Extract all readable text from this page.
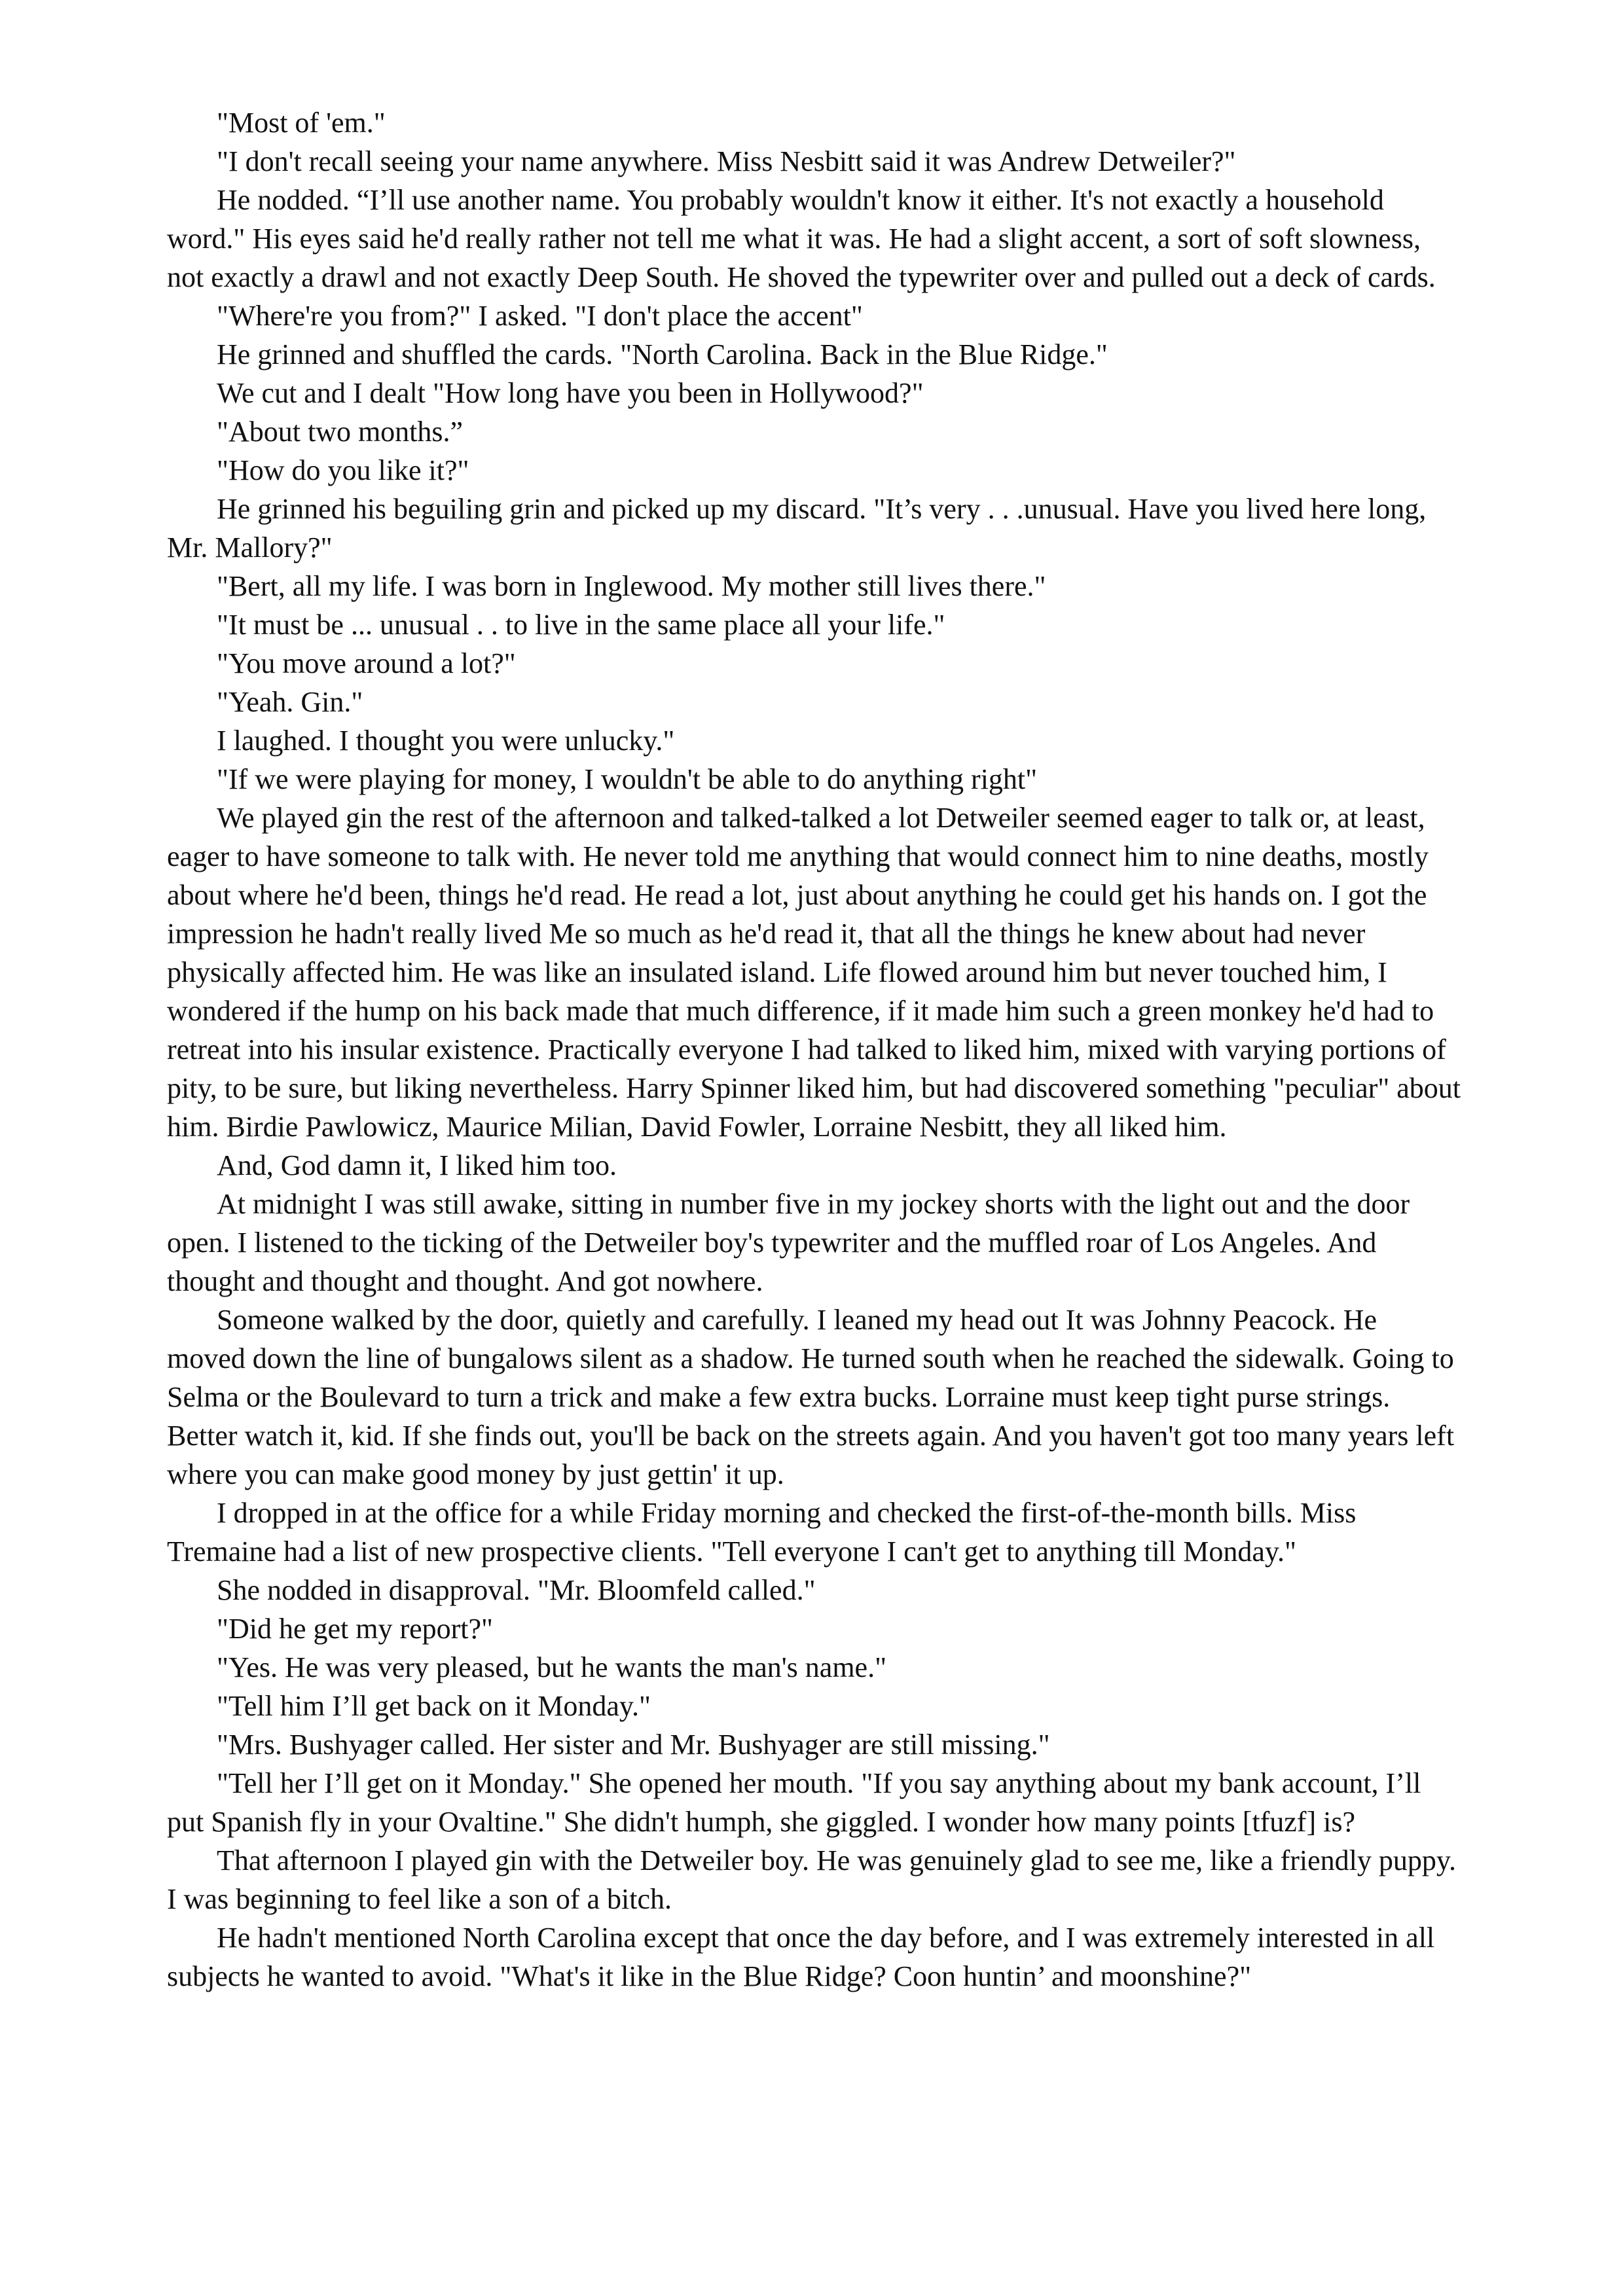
"Most of 'em."

"I don't recall seeing your name anywhere. Miss Nesbitt said it was Andrew Detweiler?"

He nodded. “I’ll use another name. You probably wouldn't know it either. It's not exactly a household word." His eyes said he'd really rather not tell me what it was. He had a slight accent, a sort of soft slowness, not exactly a drawl and not exactly Deep South. He shoved the typewriter over and pulled out a deck of cards.

"Where're you from?" I asked. "I don't place the accent"

He grinned and shuffled the cards. "North Carolina. Back in the Blue Ridge."

We cut and I dealt "How long have you been in Hollywood?"

"About two months.”

"How do you like it?"

He grinned his beguiling grin and picked up my discard. "It’s very . . .unusual. Have you lived here long, Mr. Mallory?"

"Bert, all my life. I was born in Inglewood. My mother still lives there."

"It must be ... unusual . . to live in the same place all your life."

"You move around a lot?"

"Yeah. Gin."

I laughed. I thought you were unlucky."

"If we were playing for money, I wouldn't be able to do anything right"

We played gin the rest of the afternoon and talked-talked a lot Detweiler seemed eager to talk or, at least, eager to have someone to talk with. He never told me anything that would connect him to nine deaths, mostly about where he'd been, things he'd read. He read a lot, just about anything he could get his hands on. I got the impression he hadn't really lived Me so much as he'd read it, that all the things he knew about had never physically affected him. He was like an insulated island. Life flowed around him but never touched him, I wondered if the hump on his back made that much difference, if it made him such a green monkey he'd had to retreat into his insular existence. Practically everyone I had talked to liked him, mixed with varying portions of pity, to be sure, but liking nevertheless. Harry Spinner liked him, but had discovered something "peculiar" about him. Birdie Pawlowicz, Maurice Milian, David Fowler, Lorraine Nesbitt, they all liked him.

And, God damn it, I liked him too.

At midnight I was still awake, sitting in number five in my jockey shorts with the light out and the door open. I listened to the ticking of the Detweiler boy's typewriter and the muffled roar of Los Angeles. And thought and thought and thought. And got nowhere.

Someone walked by the door, quietly and carefully. I leaned my head out It was Johnny Peacock. He moved down the line of bungalows silent as a shadow. He turned south when he reached the sidewalk. Going to Selma or the Boulevard to turn a trick and make a few extra bucks. Lorraine must keep tight purse strings. Better watch it, kid. If she finds out, you'll be back on the streets again. And you haven't got too many years left where you can make good money by just gettin' it up.

I dropped in at the office for a while Friday morning and checked the first-of-the-month bills. Miss Tremaine had a list of new prospective clients. "Tell everyone I can't get to anything till Monday."

She nodded in disapproval. "Mr. Bloomfeld called."

"Did he get my report?"

"Yes. He was very pleased, but he wants the man's name."

"Tell him I’ll get back on it Monday."

"Mrs. Bushyager called. Her sister and Mr. Bushyager are still missing."

"Tell her I’ll get on it Monday." She opened her mouth. "If you say anything about my bank account, I’ll put Spanish fly in your Ovaltine." She didn't humph, she giggled. I wonder how many points [tfuzf] is?

That afternoon I played gin with the Detweiler boy. He was genuinely glad to see me, like a friendly puppy. I was beginning to feel like a son of a bitch.

He hadn't mentioned North Carolina except that once the day before, and I was extremely interested in all subjects he wanted to avoid. "What's it like in the Blue Ridge? Coon huntin’ and moonshine?"
